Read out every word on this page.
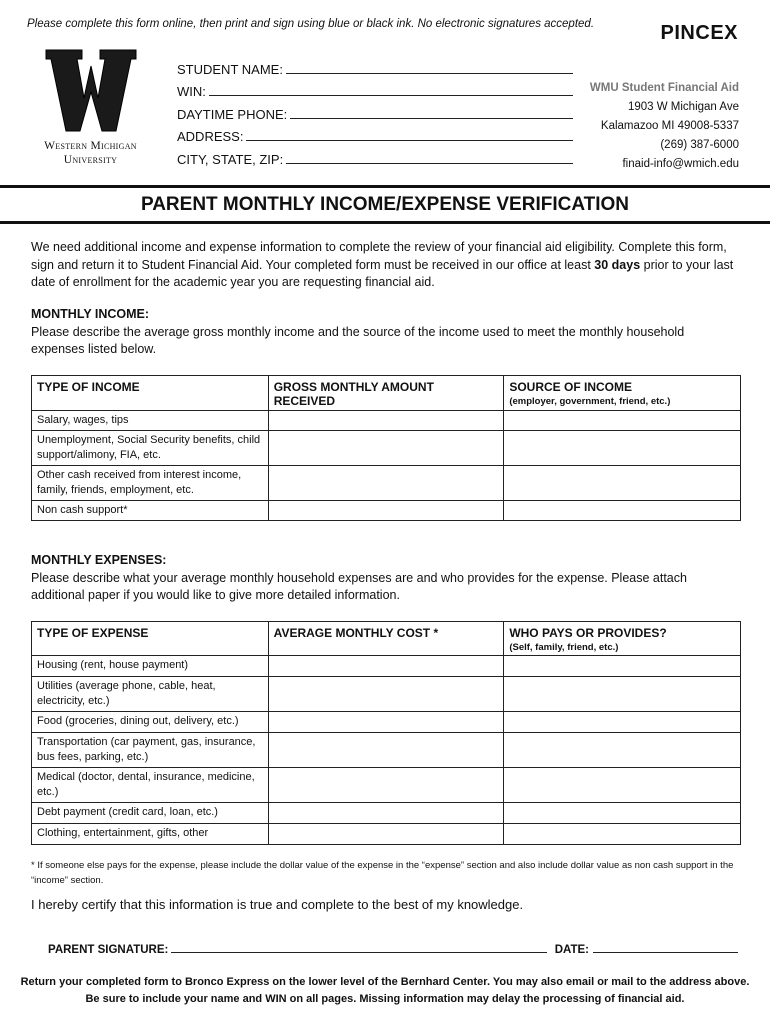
Please complete this form online, then print and sign using blue or black ink. No electronic signatures accepted.	PINCEX
Western Michigan
University
STUDENT NAME:
WIN:
DAYTIME PHONE:
ADDRESS:
CITY, STATE, ZIP:
WMU Student Financial Aid
1903 W Michigan Ave
Kalamazoo MI 49008-5337
(269) 387-6000
finaid-info@wmich.edu
PARENT MONTHLY INCOME/EXPENSE VERIFICATION
We need additional income and expense information to complete the review of your financial aid eligibility. Complete this form, sign and return it to Student Financial Aid. Your completed form must be received in our office at least 30 days prior to your last date of enrollment for the academic year you are requesting financial aid.
MONTHLY INCOME:
Please describe the average gross monthly income and the source of the income used to meet the monthly household expenses listed below.
TYPE OF INCOME	GROSS MONTHLY AMOUNT RECEIVED	SOURCE OF INCOME
(employer, government, friend, etc.)

Salary, wages, tips		
Unemployment, Social Security benefits, child support/alimony, FIA, etc.		
Other cash received from interest income, family, friends, employment, etc.		
Non cash support*		
MONTHLY EXPENSES:
Please describe what your average monthly household expenses are and who provides for the expense. Please attach additional paper if you would like to give more detailed information.
TYPE OF EXPENSE	AVERAGE MONTHLY COST *	WHO PAYS OR PROVIDES?
(Self, family, friend, etc.)

Housing (rent, house payment)		
Utilities (average phone, cable, heat, electricity, etc.)		
Food (groceries, dining out, delivery, etc.)		
Transportation (car payment, gas, insurance, bus fees, parking, etc.)		
Medical (doctor, dental, insurance, medicine, etc.)		
Debt payment (credit card, loan, etc.)		
Clothing, entertainment, gifts, other		
* If someone else pays for the expense, please include the dollar value of the expense in the “expense” section and also include dollar value as non cash support in the “income” section.
I hereby certify that this information is true and complete to the best of my knowledge.
PARENT SIGNATURE:	DATE:
Return your completed form to Bronco Express on the lower level of the Bernhard Center. You may also email or mail to the address above.
Be sure to include your name and WIN on all pages. Missing information may delay the processing of financial aid.
